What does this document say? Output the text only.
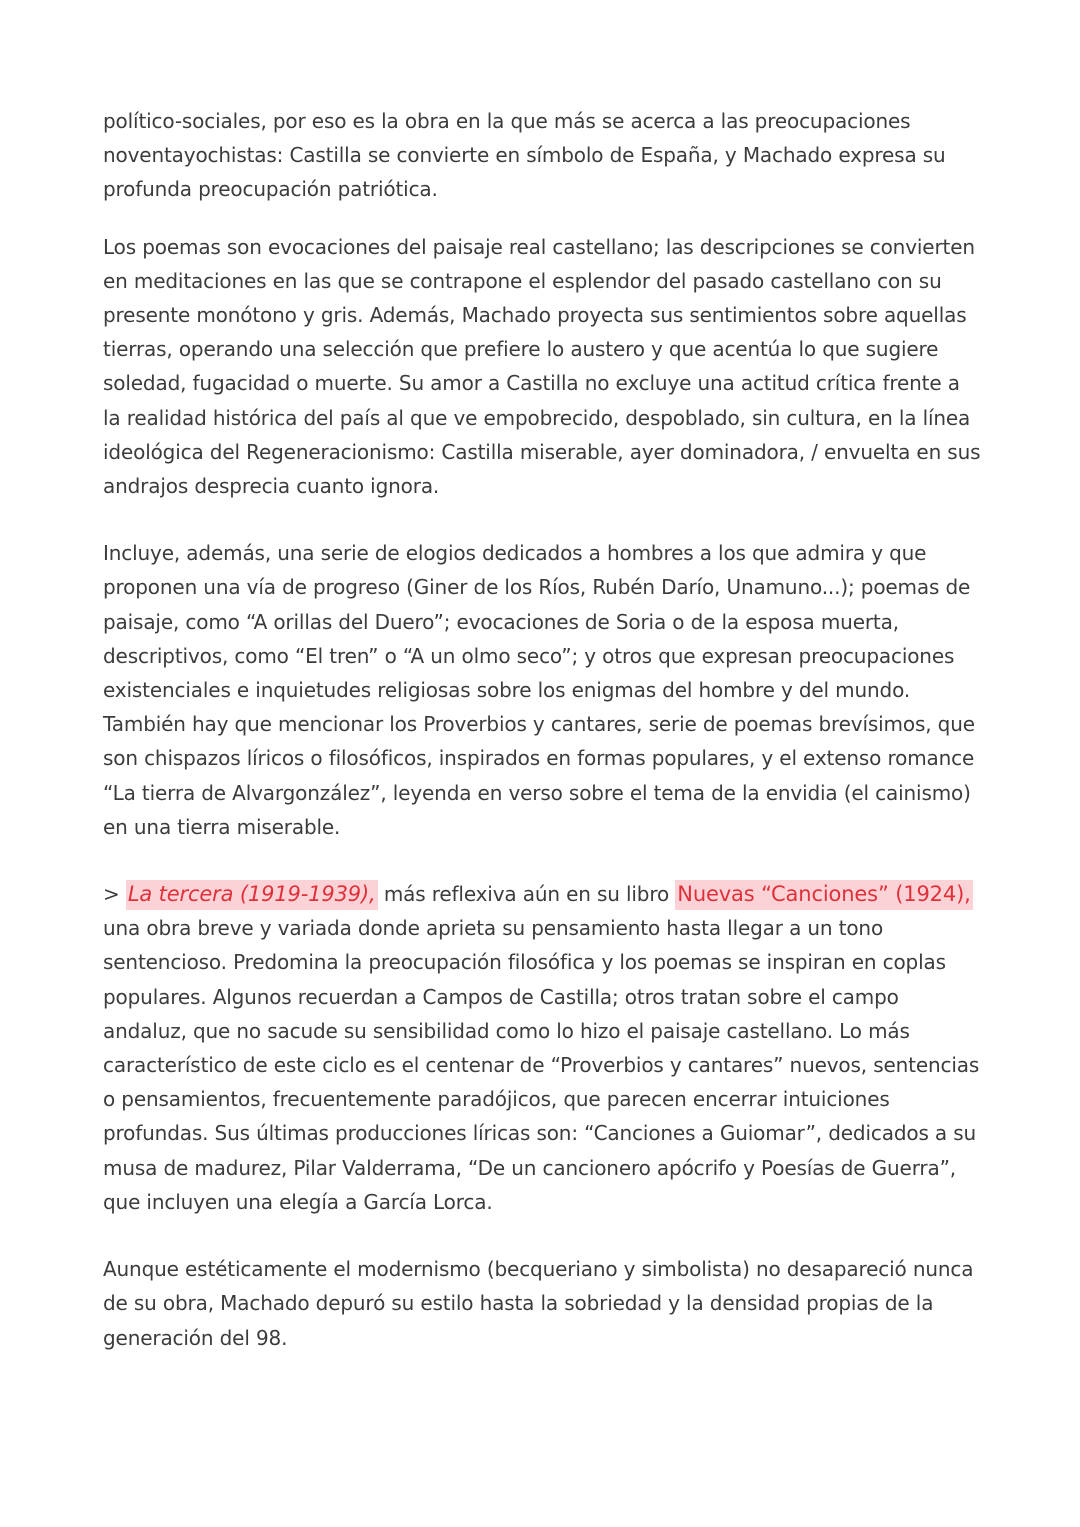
político-sociales, por eso es la obra en la que más se acerca a las preocupaciones noventayochistas: Castilla se convierte en símbolo de España, y Machado expresa su profunda preocupación patriótica.

Los poemas son evocaciones del paisaje real castellano; las descripciones se convierten en meditaciones en las que se contrapone el esplendor del pasado castellano con su presente monótono y gris. Además, Machado proyecta sus sentimientos sobre aquellas tierras, operando una selección que prefiere lo austero y que acentúa lo que sugiere soledad, fugacidad o muerte. Su amor a Castilla no excluye una actitud crítica frente a la realidad histórica del país al que ve empobrecido, despoblado, sin cultura, en la línea ideológica del Regeneracionismo: Castilla miserable, ayer dominadora, / envuelta en sus andrajos desprecia cuanto ignora.

Incluye, además, una serie de elogios dedicados a hombres a los que admira y que proponen una vía de progreso (Giner de los Ríos, Rubén Darío, Unamuno...); poemas de paisaje, como “A orillas del Duero”; evocaciones de Soria o de la esposa muerta, descriptivos, como “El tren” o “A un olmo seco”; y otros que expresan preocupaciones existenciales e inquietudes religiosas sobre los enigmas del hombre y del mundo. También hay que mencionar los Proverbios y cantares, serie de poemas brevísimos, que son chispazos líricos o filosóficos, inspirados en formas populares, y el extenso romance “La tierra de Alvargonzález”, leyenda en verso sobre el tema de la envidia (el cainismo) en una tierra miserable.

> La tercera (1919-1939), más reflexiva aún en su libro Nuevas “Canciones” (1924), una obra breve y variada donde aprieta su pensamiento hasta llegar a un tono sentencioso. Predomina la preocupación filosófica y los poemas se inspiran en coplas populares. Algunos recuerdan a Campos de Castilla; otros tratan sobre el campo andaluz, que no sacude su sensibilidad como lo hizo el paisaje castellano. Lo más característico de este ciclo es el centenar de “Proverbios y cantares” nuevos, sentencias o pensamientos, frecuentemente paradójicos, que parecen encerrar intuiciones profundas. Sus últimas producciones líricas son: “Canciones a Guiomar”, dedicados a su musa de madurez, Pilar Valderrama, “De un cancionero apócrifo y Poesías de Guerra”, que incluyen una elegía a García Lorca.

Aunque estéticamente el modernismo (becqueriano y simbolista) no desapareció nunca de su obra, Machado depuró su estilo hasta la sobriedad y la densidad propias de la generación del 98.
